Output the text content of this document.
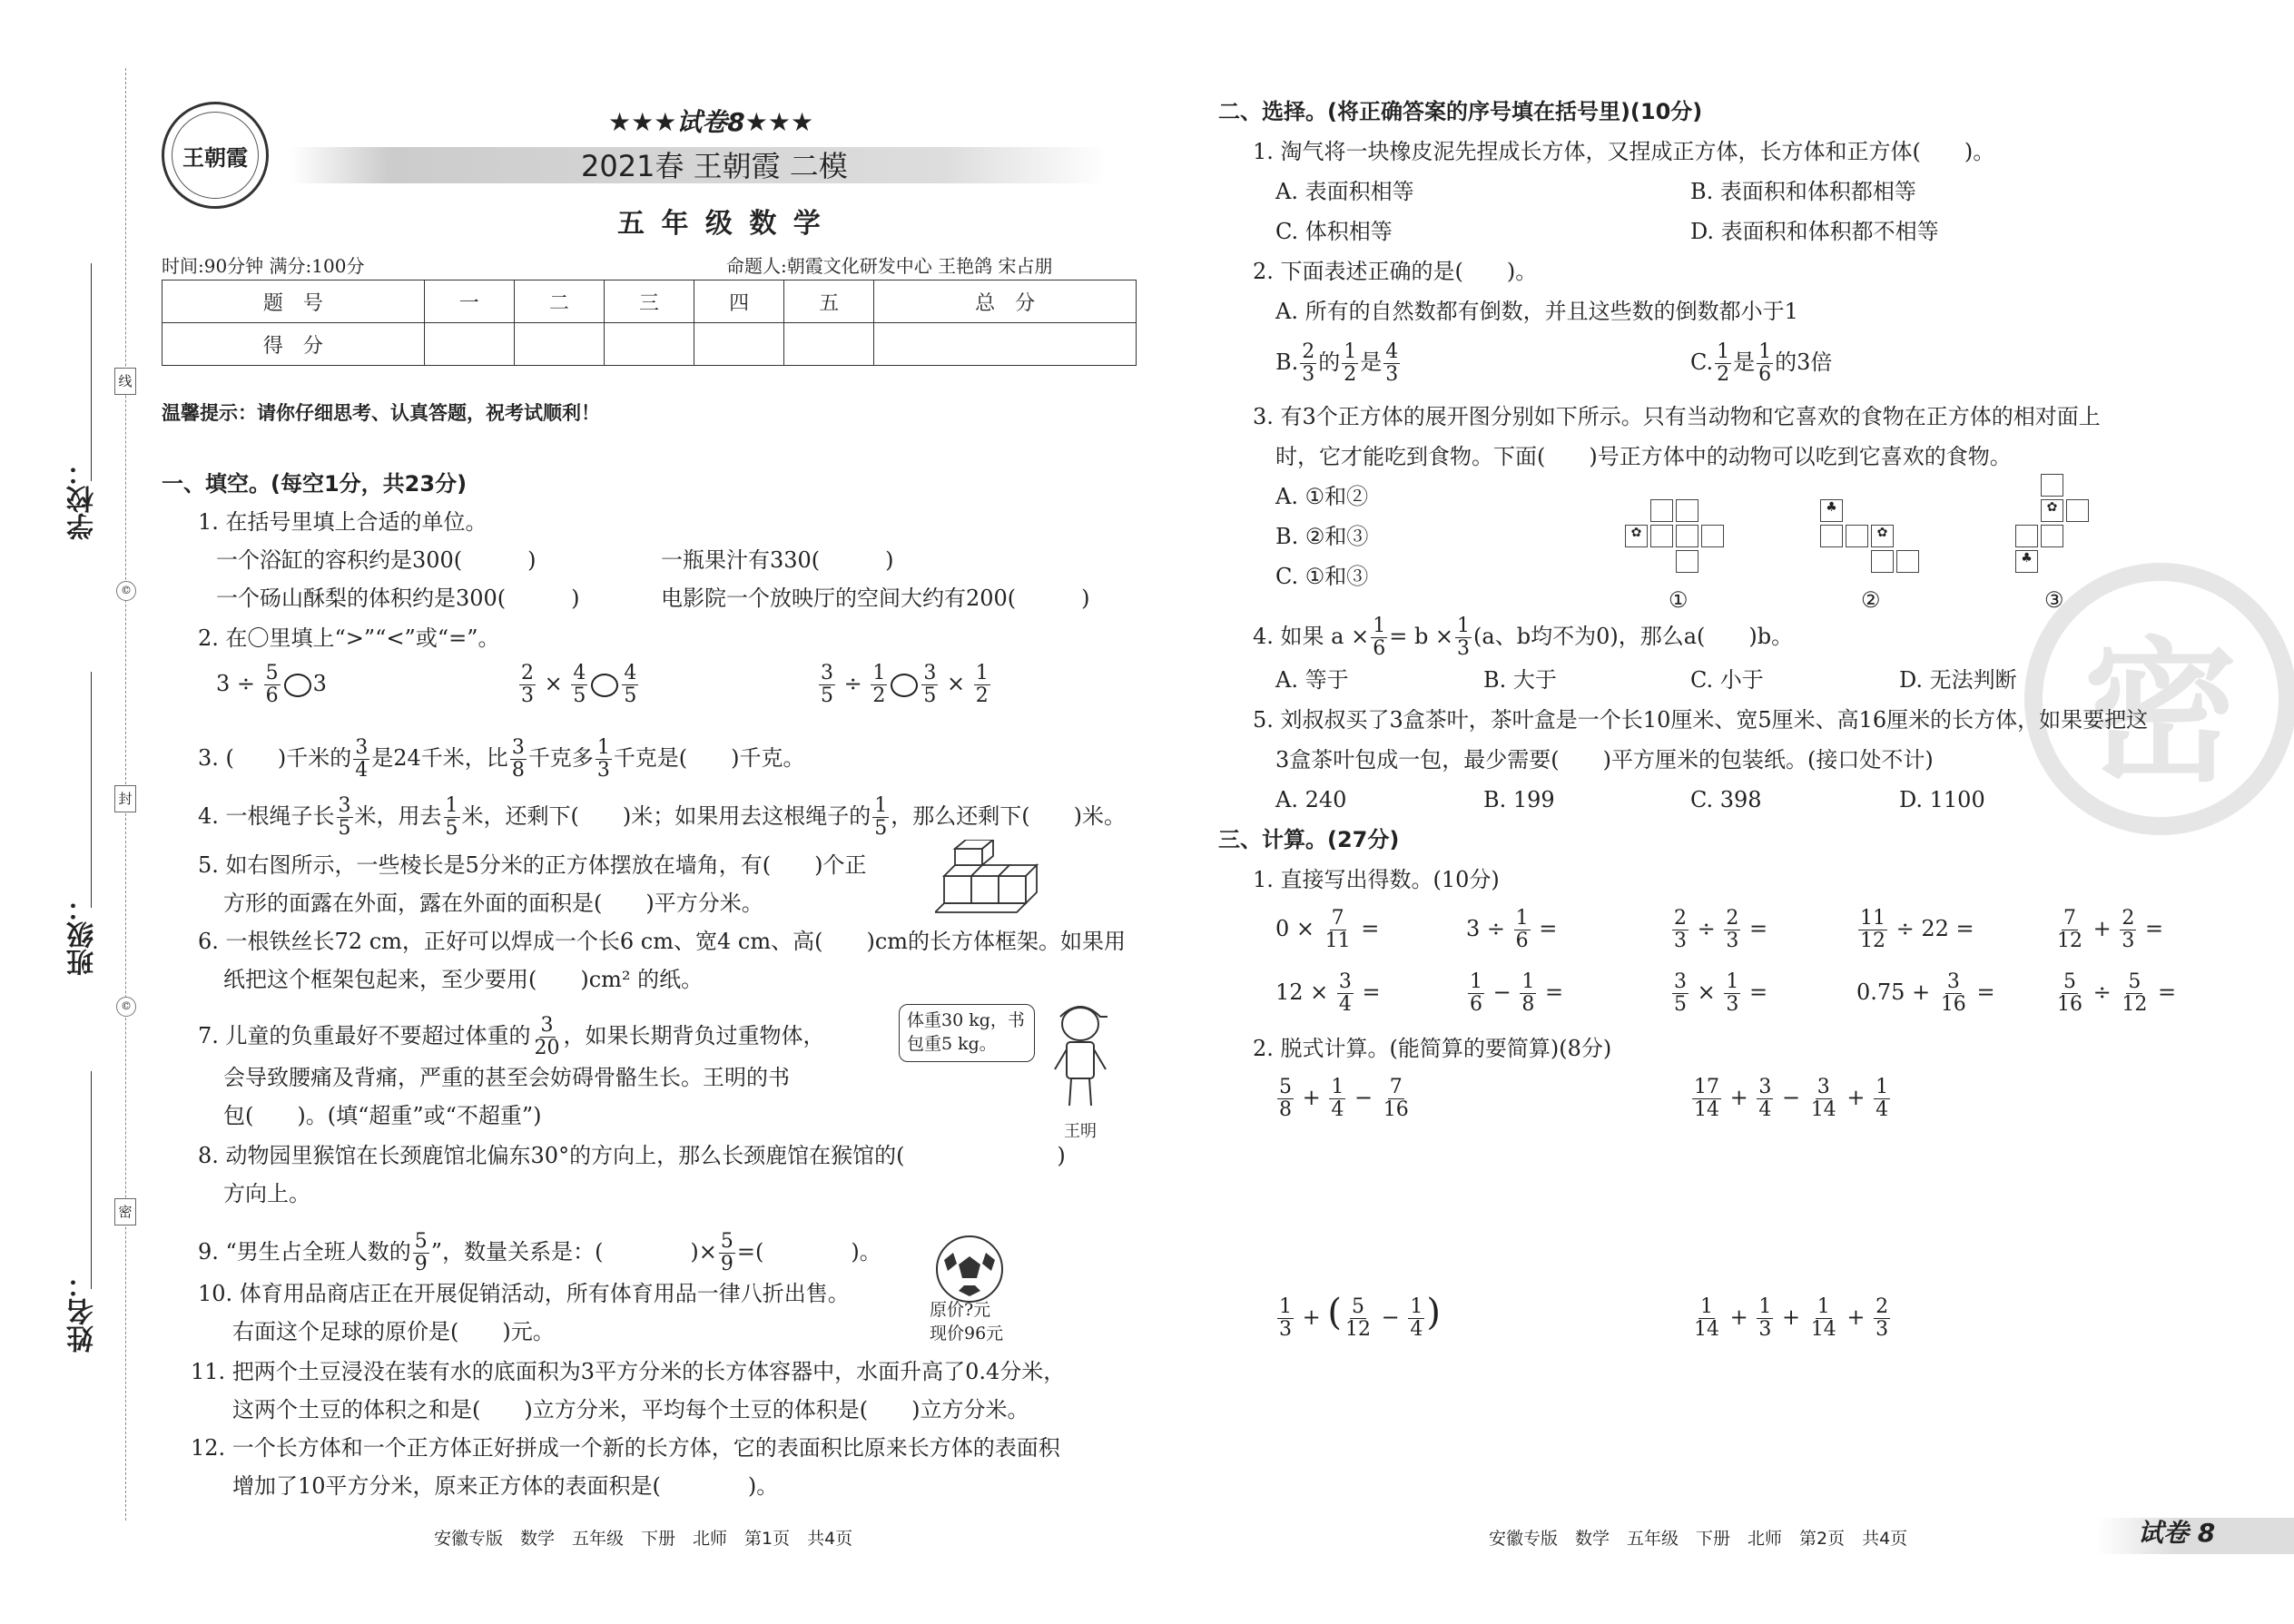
线
封
密
©
©
学校：
班级：
姓名：
王朝霞
★★★试卷8★★★
2021春 王朝霞 二模
五 年 级 数 学
时间:90分钟 满分:100分	命题人:朝霞文化研发中心 王艳鸽 宋占朋
题　号	一	二	三	四	五	总　分
得　分						
温馨提示：请你仔细思考、认真答题，祝考试顺利！
一、填空。(每空1分，共23分)
1. 在括号里填上合适的单位。
一个浴缸的容积约是300(　　　)	一瓶果汁有330(　　　)
一个砀山酥梨的体积约是300(　　　)	电影院一个放映厅的空间大约有200(　　　)
2. 在〇里填上“>”“<”或“=”。
$3 \div \frac{5}{6} 3$	$\frac{2}{3} \times \frac{4}{5} \frac{4}{5}$	$\frac{3}{5} \div \frac{1}{2} \frac{3}{5} \times \frac{1}{2}$
3. (　　)千米的 $\frac{3}{4}$ 是24千米，比 $\frac{3}{8}$ 千克多 $\frac{1}{3}$ 千克是(　　)千克。
4. 一根绳子长 $\frac{3}{5}$ 米，用去 $\frac{1}{5}$ 米，还剩下(　　)米；如果用去这根绳子的 $\frac{1}{5}$ ，那么还剩下(　　)米。
5. 如右图所示，一些棱长是5分米的正方体摆放在墙角，有(　　)个正
方形的面露在外面，露在外面的面积是(　　)平方分米。
6. 一根铁丝长72 cm，正好可以焊成一个长6 cm、宽4 cm、高(　　)cm的长方体框架。如果用
纸把这个框架包起来，至少要用(　　)cm² 的纸。
7. 儿童的负重最好不要超过体重的 $\frac{3}{20}$ ，如果长期背负过重物体，
会导致腰痛及背痛，严重的甚至会妨碍骨骼生长。王明的书
包(　　)。(填“超重”或“不超重”)
体重30 kg，书包重5 kg。
王明
8. 动物园里猴馆在长颈鹿馆北偏东30°的方向上，那么长颈鹿馆在猴馆的(　　　　　　　)
方向上。
9. “男生占全班人数的 $\frac{5}{9}$ ”，数量关系是：(　　　　)× $\frac{5}{9}$ =(　　　　)。
10. 体育用品商店正在开展促销活动，所有体育用品一律八折出售。
右面这个足球的原价是(　　)元。
原价?元
现价96元
11. 把两个土豆浸没在装有水的底面积为3平方分米的长方体容器中，水面升高了0.4分米，
这两个土豆的体积之和是(　　)立方分米，平均每个土豆的体积是(　　)立方分米。
12. 一个长方体和一个正方体正好拼成一个新的长方体，它的表面积比原来长方体的表面积
增加了10平方分米，原来正方体的表面积是(　　　　)。
安徽专版　数学　五年级　下册　北师　第1页　共4页
密
二、选择。(将正确答案的序号填在括号里)(10分)
1. 淘气将一块橡皮泥先捏成长方体，又捏成正方体，长方体和正方体(　　)。
A. 表面积相等	B. 表面积和体积都相等
C. 体积相等	D. 表面积和体积都不相等
2. 下面表述正确的是(　　)。
A. 所有的自然数都有倒数，并且这些数的倒数都小于1
B. $\frac{2}{3}$ 的 $\frac{1}{2}$ 是 $\frac{4}{3}$	C. $\frac{1}{2}$ 是 $\frac{1}{6}$ 的3倍
3. 有3个正方体的展开图分别如下所示。只有当动物和它喜欢的食物在正方体的相对面上
时，它才能吃到食物。下面(　　)号正方体中的动物可以吃到它喜欢的食物。
A. ①和②
B. ②和③
C. ①和③
✿
♣
✿
✿
♣
①	②	③
4. 如果 $a \times \frac{1}{6} = b \times \frac{1}{3} (a$、b均不为0)，那么a(　　)b。
A. 等于	B. 大于	C. 小于	D. 无法判断
5. 刘叔叔买了3盒茶叶，茶叶盒是一个长10厘米、宽5厘米、高16厘米的长方体，如果要把这
3盒茶叶包成一包，最少需要(　　)平方厘米的包装纸。(接口处不计)
A. 240	B. 199	C. 398	D. 1100
三、计算。(27分)
1. 直接写出得数。(10分)
$0 \times \frac{7}{11}$ =	$3 \div \frac{1}{6}$ =	$\frac{2}{3} \div \frac{2}{3}$ =	$\frac{11}{12} \div 22$ =	$\frac{7}{12} + \frac{2}{3}$ =
$12 \times \frac{3}{4}$ =	$\frac{1}{6} - \frac{1}{8}$ =	$\frac{3}{5} \times \frac{1}{3}$ =	$0.75 + \frac{3}{16}$ =	$\frac{5}{16} \div \frac{5}{12}$ =
2. 脱式计算。(能简算的要简算)(8分)
$\frac{5}{8} + \frac{1}{4} - \frac{7}{16}$	$\frac{17}{14} + \frac{3}{4} - \frac{3}{14} + \frac{1}{4}$
$\frac{1}{3}$ + ( $\frac{5}{12} - \frac{1}{4}$ )	$\frac{1}{14} + \frac{1}{3} + \frac{1}{14} + \frac{2}{3}$
安徽专版　数学　五年级　下册　北师　第2页　共4页	试卷 8
